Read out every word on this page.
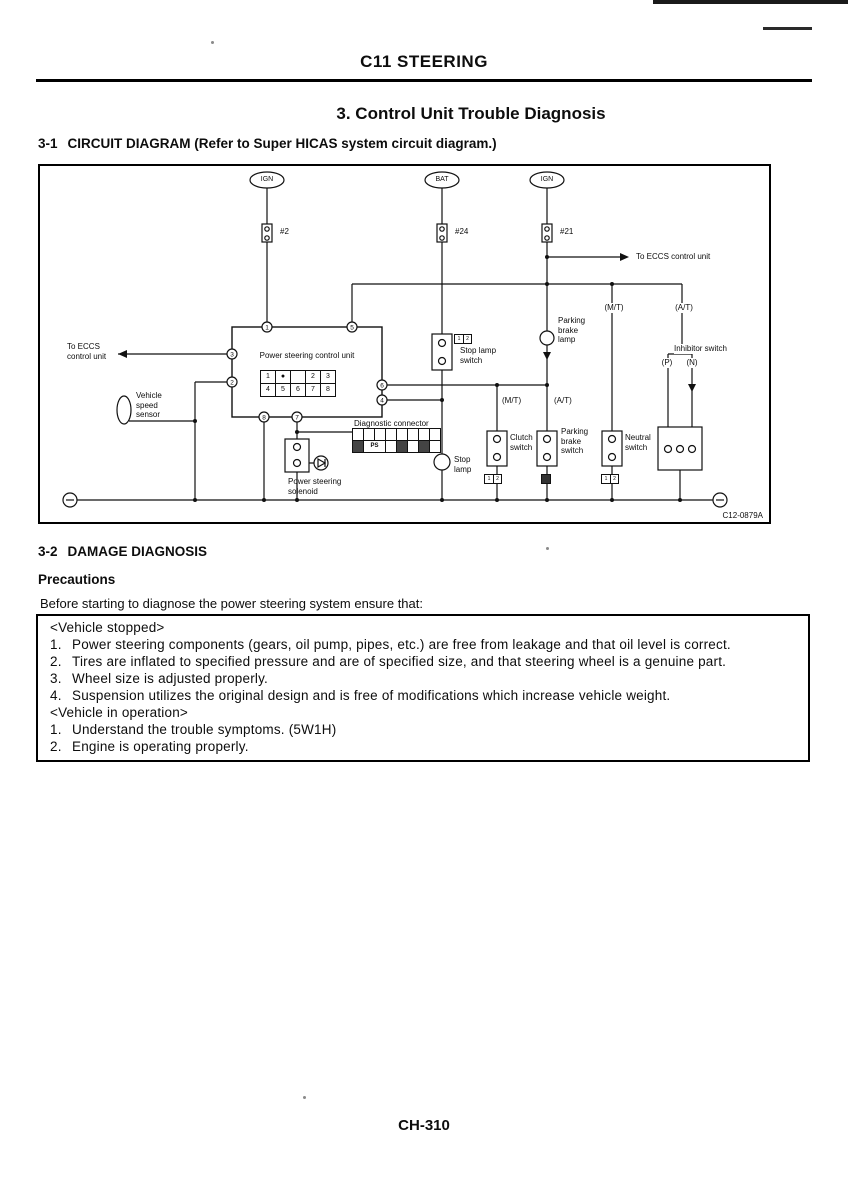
C11 STEERING
3. Control Unit Trouble Diagnosis
3-1 CIRCUIT DIAGRAM (Refer to Super HICAS system circuit diagram.)
1	5
3
2	6
4
8	7
IGN	BAT	IGN
#2	#24	#21
To ECCS control unit
(M/T)	(A/T)
To ECCS control unit	Power steering control unit
Vehicle speed sensor
Stop lamp switch
Parking brake lamp
Inhibitor switch
(P)	(N)
Diagnostic connector
Stop lamp
Clutch switch
Parking brake switch
Neutral switch
Power steering solenoid
(M/T)	(A/T)
C12-0879A
1	●	2	3
4	5	6	7	8
PS
1	2
1	2	1	2
3-2 DAMAGE DIAGNOSIS
Precautions
Before starting to diagnose the power steering system ensure that:
<Vehicle stopped>
1. Power steering components (gears, oil pump, pipes, etc.) are free from leakage and that oil level is correct.
2. Tires are inflated to specified pressure and are of specified size, and that steering wheel is a genuine part.
3. Wheel size is adjusted properly.
4. Suspension utilizes the original design and is free of modifications which increase vehicle weight.
<Vehicle in operation>
1. Understand the trouble symptoms. (5W1H)
2. Engine is operating properly.
CH-310
